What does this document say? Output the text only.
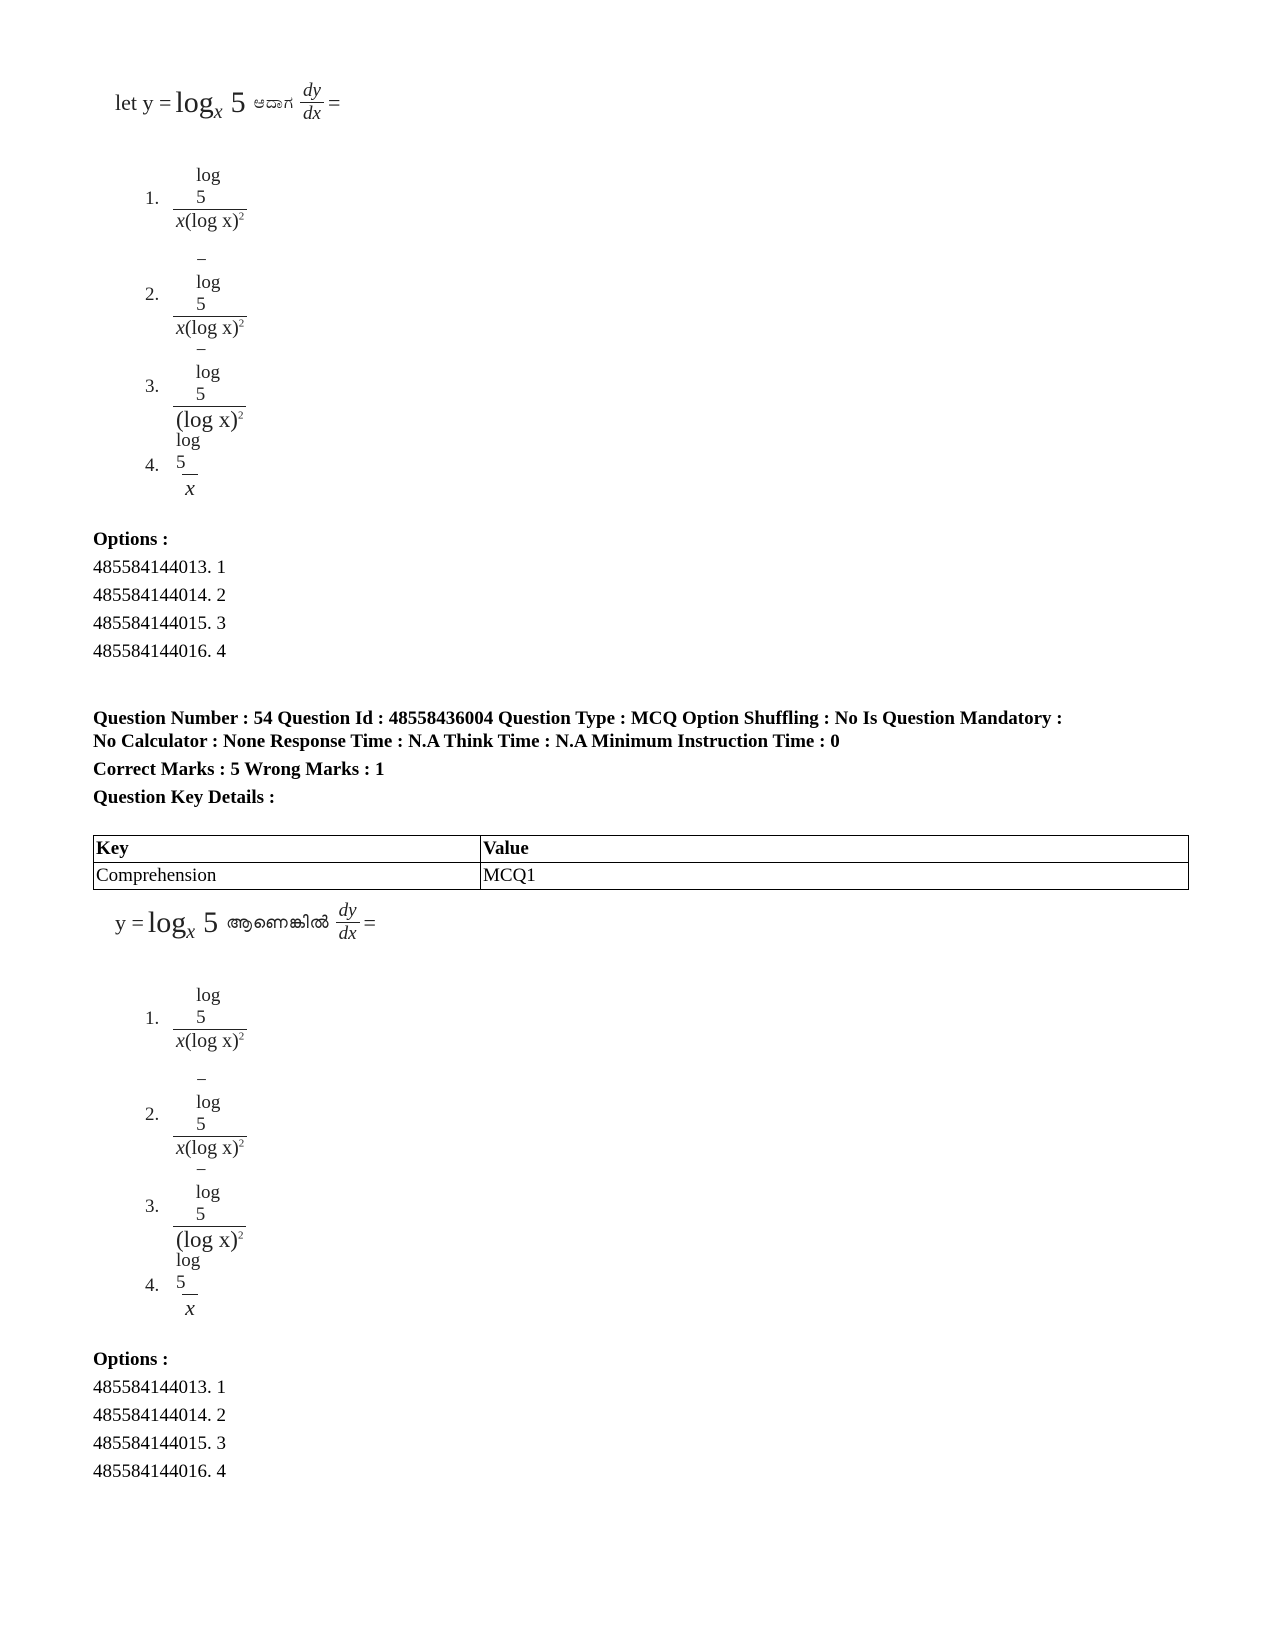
let y = log x 5 ಆದಾಗ $\frac{dy}{dx}$ =
1. $\frac{\log 5}{x(\log x)^2}$
2. $\frac{- \log 5}{x(\log x)^2}$
3. $\frac{- \log 5}{(\log x)^2}$
4. $\frac{\log 5}{x}$
Options :
485584144013. 1
485584144014. 2
485584144015. 3
485584144016. 4
Question Number : 54 Question Id : 48558436004 Question Type : MCQ Option Shuffling : No Is Question Mandatory :
No Calculator : None Response Time : N.A Think Time : N.A Minimum Instruction Time : 0
Correct Marks : 5 Wrong Marks : 1
Question Key Details :
Key	Value
Comprehension	MCQ1
y = log x 5 ആണെങ്കിൽ $\frac{dy}{dx}$ =
1. $\frac{\log 5}{x(\log x)^2}$
2. $\frac{- \log 5}{x(\log x)^2}$
3. $\frac{- \log 5}{(\log x)^2}$
4. $\frac{\log 5}{x}$
Options :
485584144013. 1
485584144014. 2
485584144015. 3
485584144016. 4
